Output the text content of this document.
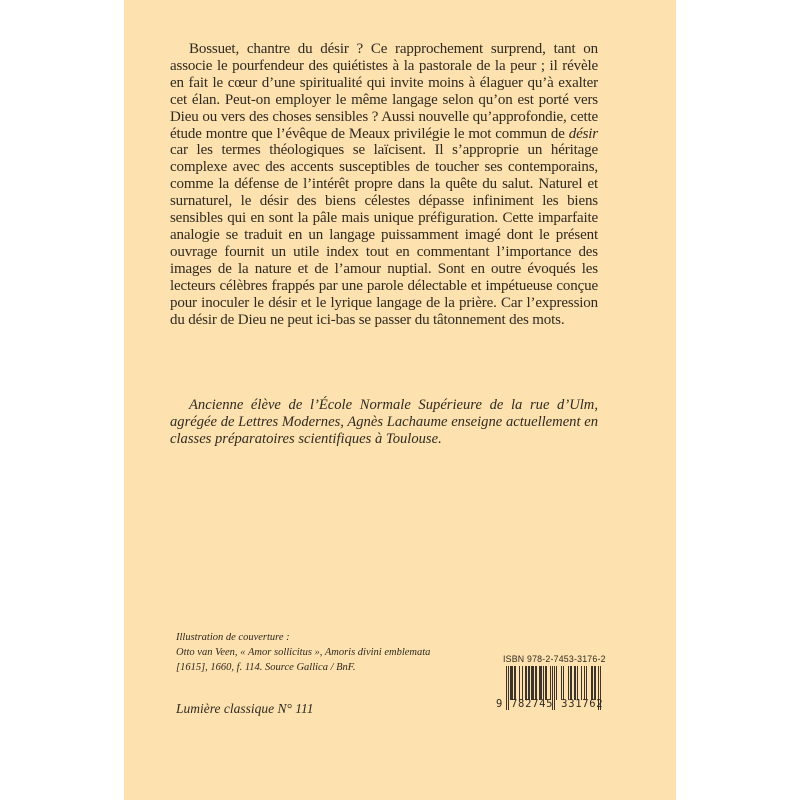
Bossuet, chantre du désir ? Ce rapprochement surprend, tant on associe le pourfendeur des quiétistes à la pastorale de la peur ; il révèle en fait le cœur d’une spiritualité qui invite moins à élaguer qu’à exalter cet élan. Peut-on employer le même langage selon qu’on est porté vers Dieu ou vers des choses sensibles ? Aussi nouvelle qu’approfondie, cette étude montre que l’évêque de Meaux privilégie le mot commun de désir car les termes théologiques se laïcisent. Il s’approprie un héritage complexe avec des accents susceptibles de toucher ses contemporains, comme la défense de l’intérêt propre dans la quête du salut. Naturel et surnaturel, le désir des biens célestes dépasse infiniment les biens sensibles qui en sont la pâle mais unique préfiguration. Cette imparfaite analogie se traduit en un langage puissamment imagé dont le présent ouvrage fournit un utile index tout en commentant l’importance des images de la nature et de l’amour nuptial. Sont en outre évoqués les lecteurs célèbres frappés par une parole délectable et impétueuse conçue pour inoculer le désir et le lyrique langage de la prière. Car l’expression du désir de Dieu ne peut ici-bas se passer du tâtonnement des mots.

Ancienne élève de l’École Normale Supérieure de la rue d’Ulm, agrégée de Lettres Modernes, Agnès Lachaume enseigne actuellement en classes préparatoires scientifiques à Toulouse.

Illustration de couverture :
Otto van Veen, « Amor sollicitus », Amoris divini emblemata
[1615], 1660, f. 114. Source Gallica / BnF.
Lumière classique N° 111
ISBN 978-2-7453-3176-2
9 782745 331762
